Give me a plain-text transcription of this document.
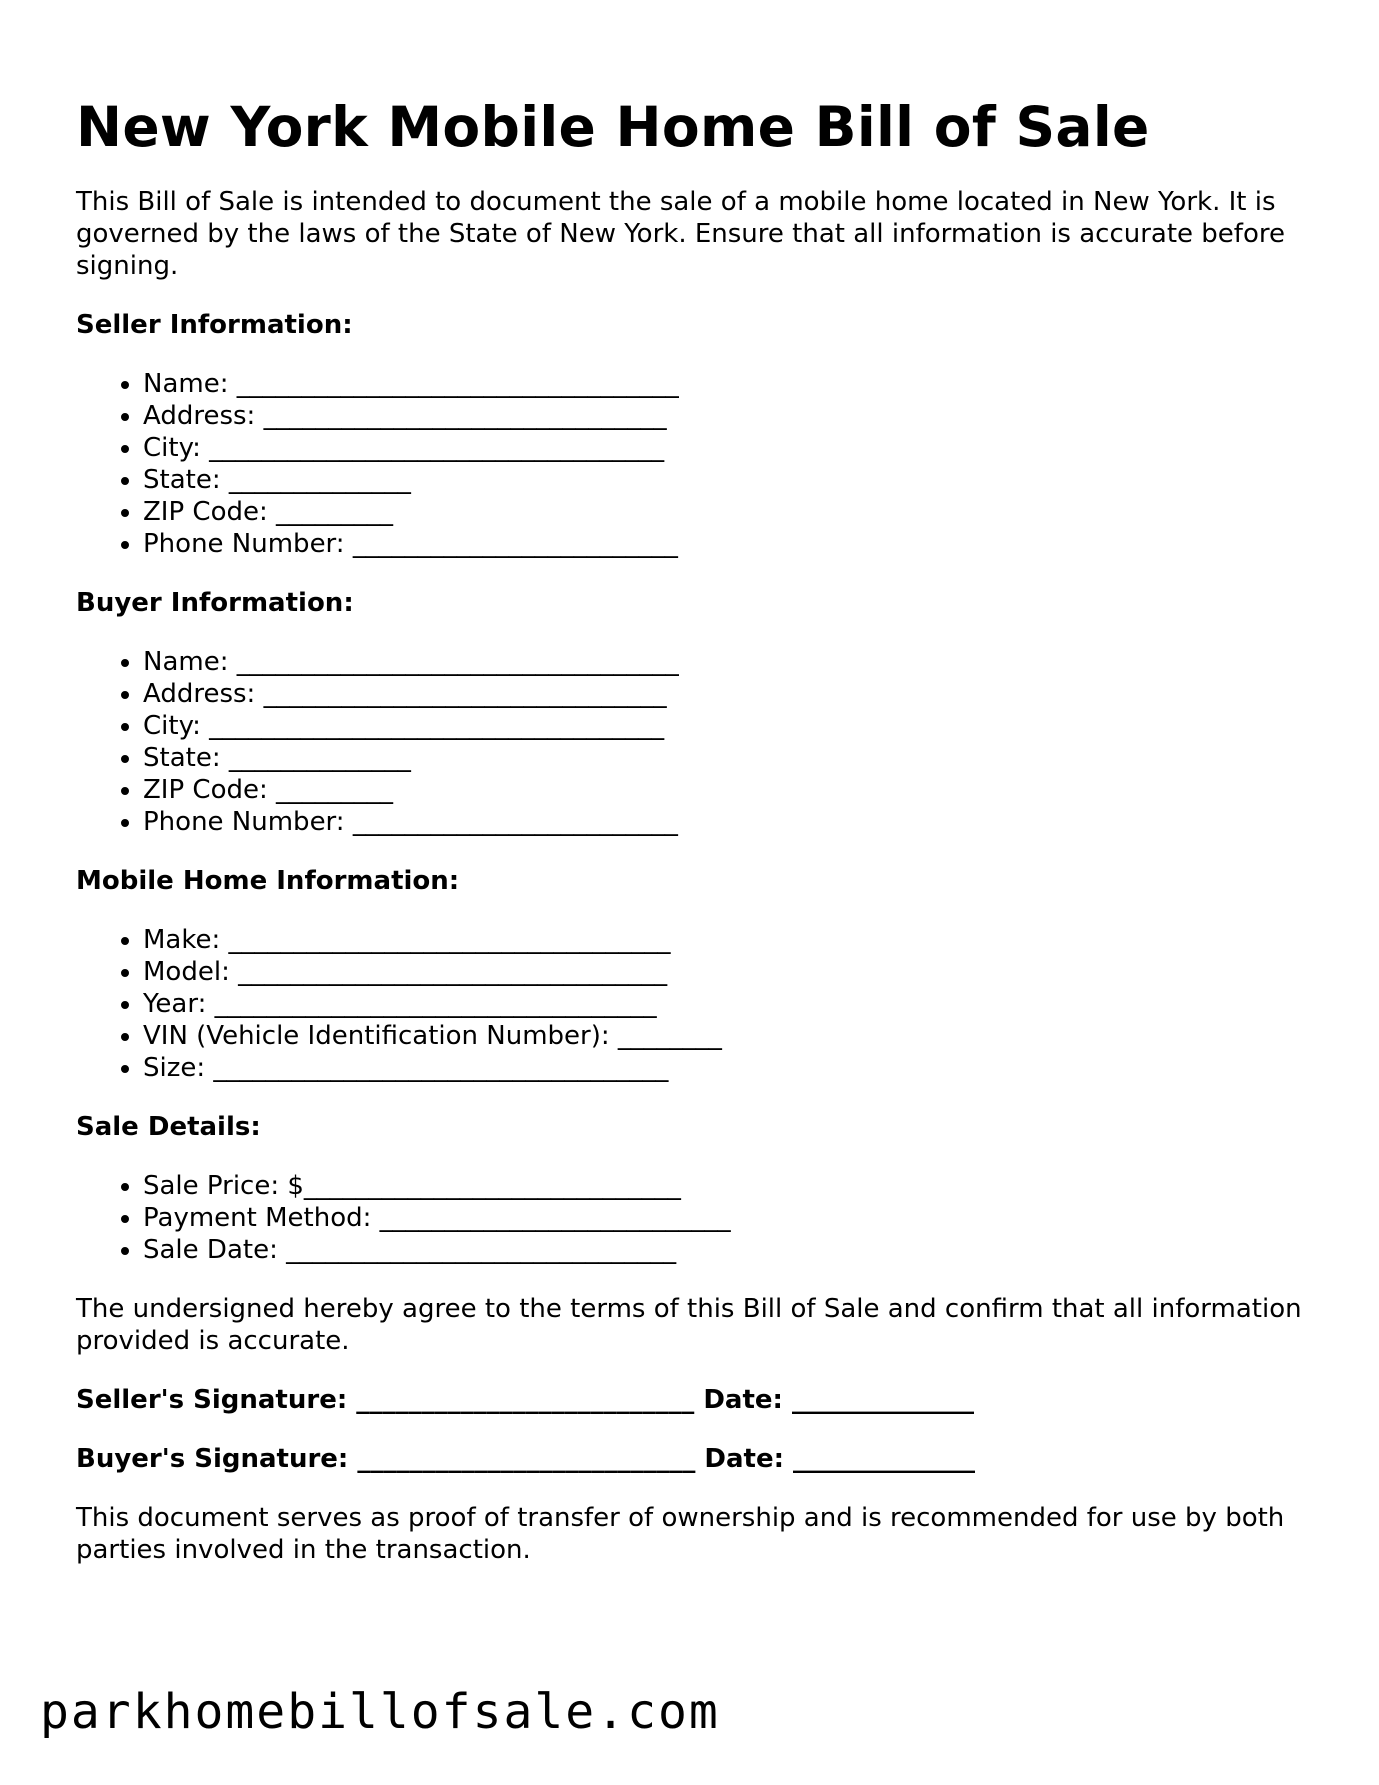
New York Mobile Home Bill of Sale

This Bill of Sale is intended to document the sale of a mobile home located in New York. It is governed by the laws of the State of New York. Ensure that all information is accurate before signing.

Seller Information:
• Name: __________________________________
• Address: _______________________________
• City: ___________________________________
• State: ______________
• ZIP Code: _________
• Phone Number: _________________________
Buyer Information:
• Name: __________________________________
• Address: _______________________________
• City: ___________________________________
• State: ______________
• ZIP Code: _________
• Phone Number: _________________________
Mobile Home Information:
• Make: __________________________________
• Model: _________________________________
• Year: __________________________________
• VIN (Vehicle Identification Number): ________
• Size: ___________________________________
Sale Details:
• Sale Price: $_____________________________
• Payment Method: ___________________________
• Sale Date: ______________________________

The undersigned hereby agree to the terms of this Bill of Sale and confirm that all information provided is accurate.

Seller's Signature: __________________________ Date: ______________
Buyer's Signature: __________________________ Date: ______________

This document serves as proof of transfer of ownership and is recommended for use by both parties involved in the transaction.

parkhomebillofsale.com
